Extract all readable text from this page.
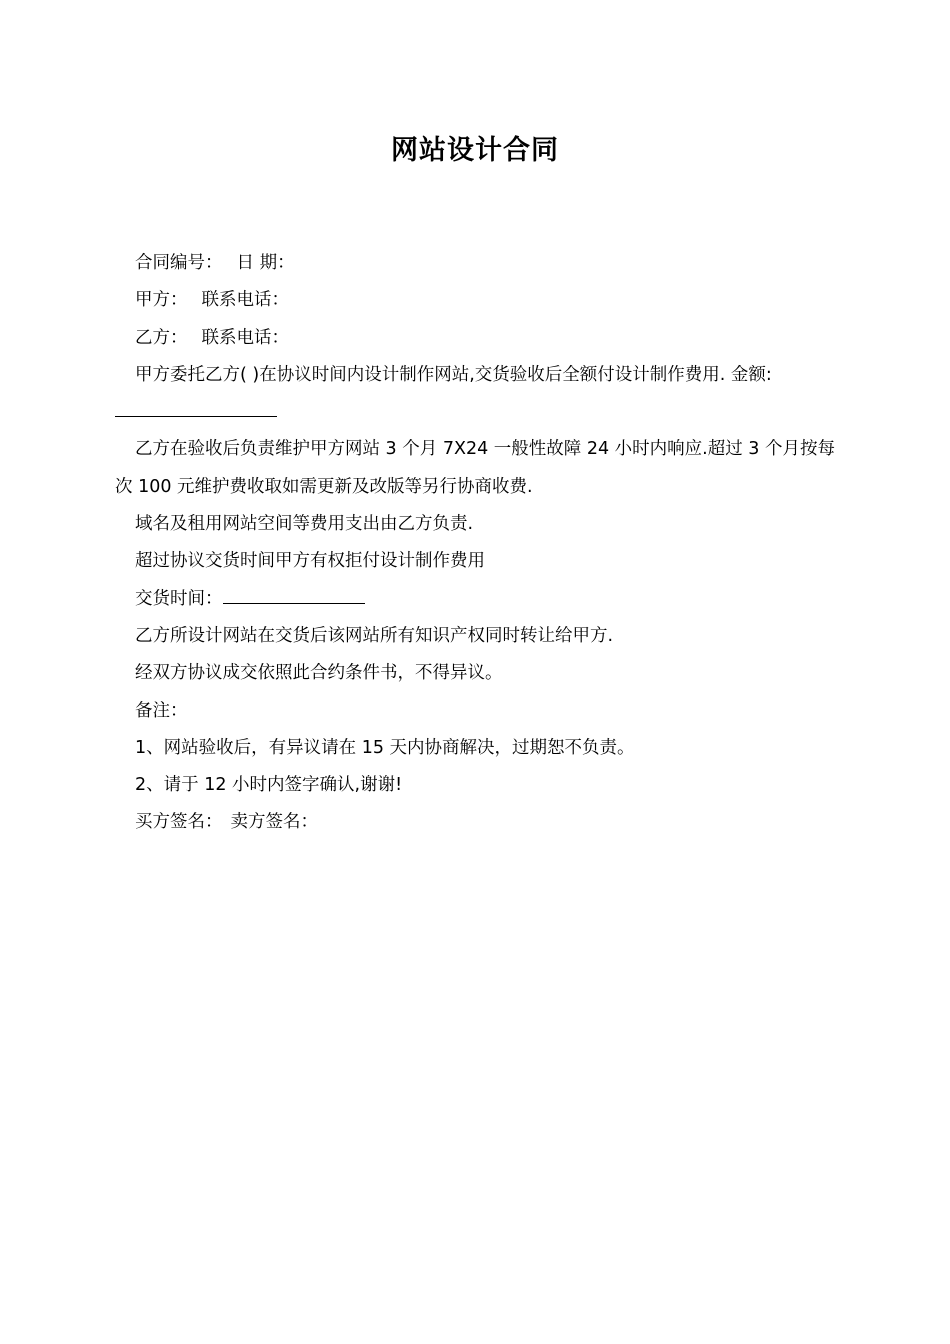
网站设计合同

合同编号： 日 期：

甲方： 联系电话：

乙方： 联系电话：

甲方委托乙方( )在协议时间内设计制作网站,交货验收后全额付设计制作费用. 金额:

乙方在验收后负责维护甲方网站 3 个月 7X24 一般性故障 24 小时内响应.超过 3 个月按每次 100 元维护费收取如需更新及改版等另行协商收费.

域名及租用网站空间等费用支出由乙方负责.

超过协议交货时间甲方有权拒付设计制作费用

交货时间：

乙方所设计网站在交货后该网站所有知识产权同时转让给甲方.

经双方协议成交依照此合约条件书，不得异议。

备注：

1、网站验收后，有异议请在 15 天内协商解决，过期恕不负责。

2、请于 12 小时内签字确认,谢谢!

买方签名： 卖方签名：
